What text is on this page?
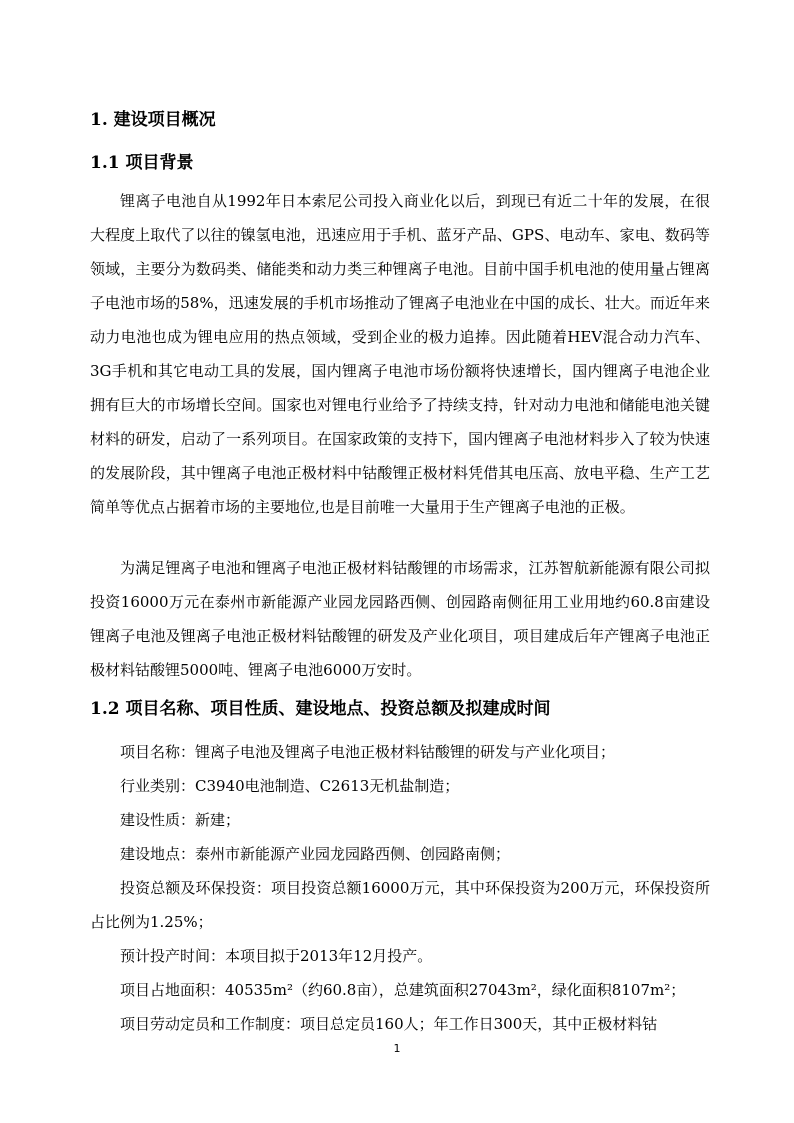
1. 建设项目概况
1.1 项目背景

锂离子电池自从1992年日本索尼公司投入商业化以后，到现已有近二十年的发展，在很大程度上取代了以往的镍氢电池，迅速应用于手机、蓝牙产品、GPS、电动车、家电、数码等领域，主要分为数码类、储能类和动力类三种锂离子电池。目前中国手机电池的使用量占锂离子电池市场的58%，迅速发展的手机市场推动了锂离子电池业在中国的成长、壮大。而近年来动力电池也成为锂电应用的热点领域，受到企业的极力追捧。因此随着HEV混合动力汽车、3G手机和其它电动工具的发展，国内锂离子电池市场份额将快速增长，国内锂离子电池企业拥有巨大的市场增长空间。国家也对锂电行业给予了持续支持，针对动力电池和储能电池关键材料的研发，启动了一系列项目。在国家政策的支持下，国内锂离子电池材料步入了较为快速的发展阶段，其中锂离子电池正极材料中钴酸锂正极材料凭借其电压高、放电平稳、生产工艺简单等优点占据着市场的主要地位,也是目前唯一大量用于生产锂离子电池的正极。

为满足锂离子电池和锂离子电池正极材料钴酸锂的市场需求，江苏智航新能源有限公司拟投资16000万元在泰州市新能源产业园龙园路西侧、创园路南侧征用工业用地约60.8亩建设锂离子电池及锂离子电池正极材料钴酸锂的研发及产业化项目，项目建成后年产锂离子电池正极材料钴酸锂5000吨、锂离子电池6000万安时。

1.2 项目名称、项目性质、建设地点、投资总额及拟建成时间

项目名称：锂离子电池及锂离子电池正极材料钴酸锂的研发与产业化项目；

行业类别：C3940电池制造、C2613无机盐制造；

建设性质：新建；

建设地点：泰州市新能源产业园龙园路西侧、创园路南侧；

投资总额及环保投资：项目投资总额16000万元，其中环保投资为200万元，环保投资所占比例为1.25%；

预计投产时间：本项目拟于2013年12月投产。

项目占地面积：40535m²（约60.8亩），总建筑面积27043m²，绿化面积8107m²；

项目劳动定员和工作制度：项目总定员160人；年工作日300天，其中正极材料钴

1
